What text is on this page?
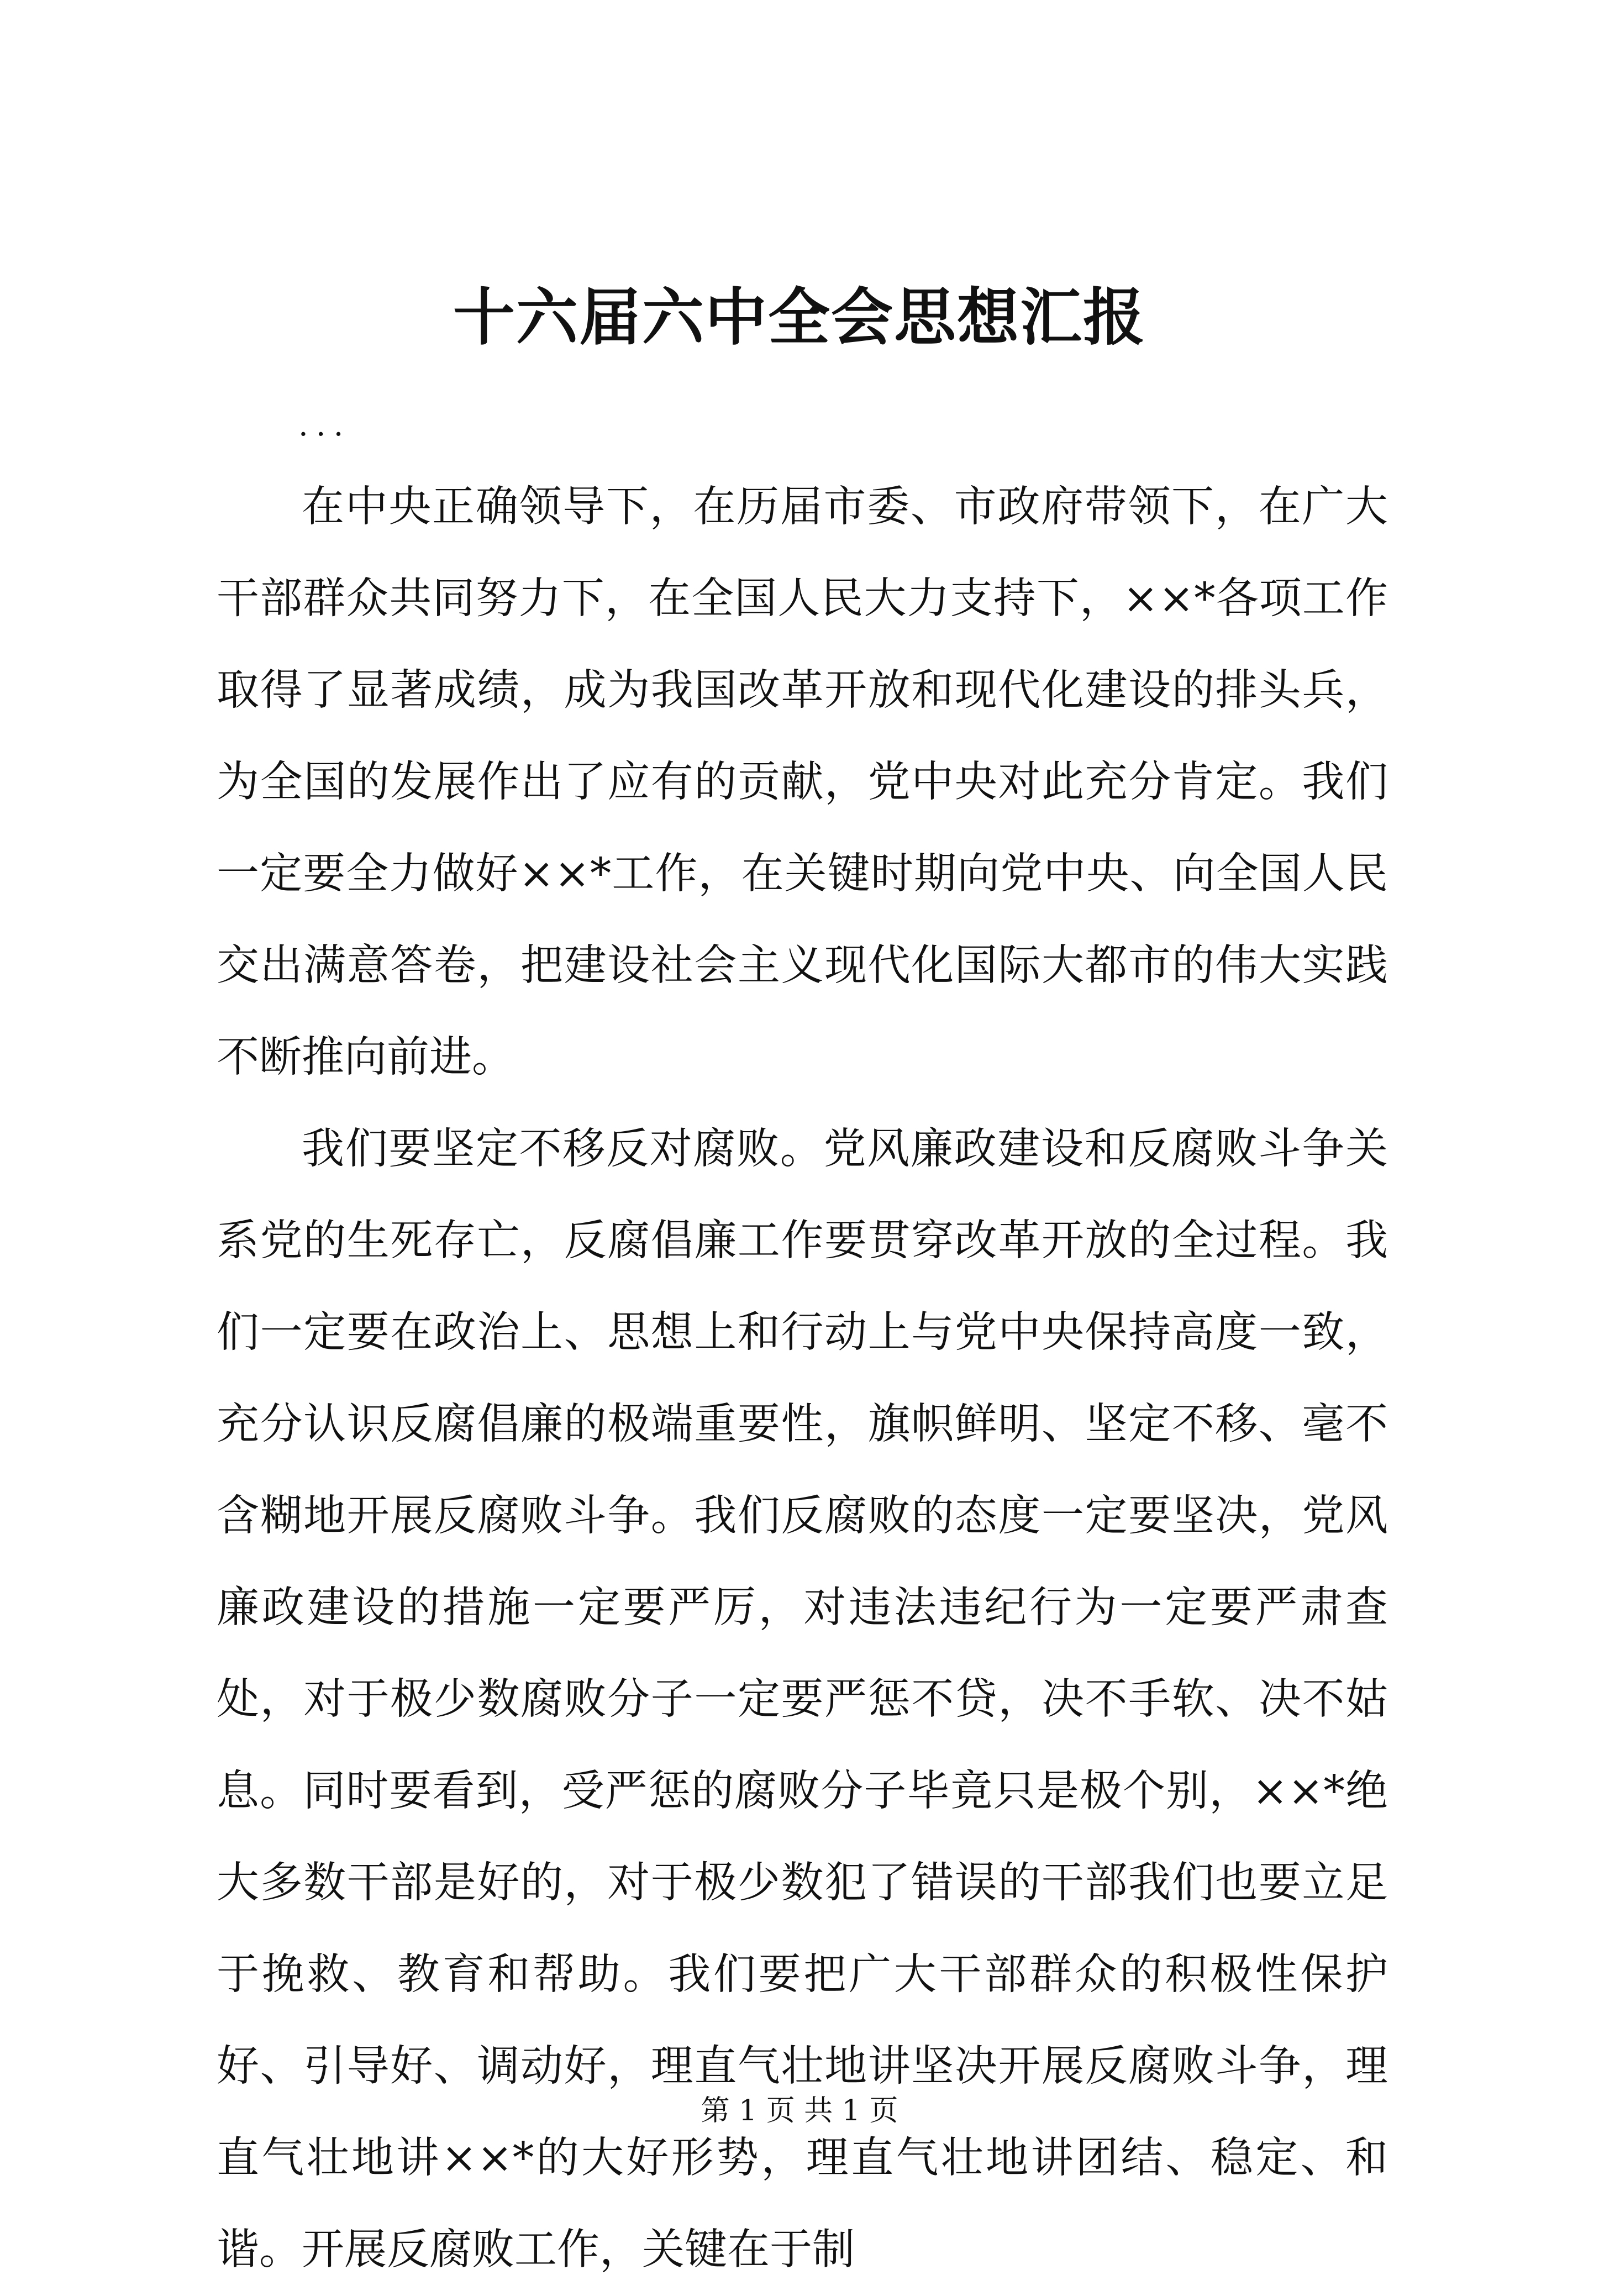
十六届六中全会思想汇报
...

在中央正确领导下，在历届市委、市政府带领下，在广大干部群众共同努力下，在全国人民大力支持下，××*各项工作取得了显著成绩，成为我国改革开放和现代化建设的排头兵，为全国的发展作出了应有的贡献，党中央对此充分肯定。我们一定要全力做好××*工作，在关键时期向党中央、向全国人民交出满意答卷，把建设社会主义现代化国际大都市的伟大实践不断推向前进。

我们要坚定不移反对腐败。党风廉政建设和反腐败斗争关系党的生死存亡，反腐倡廉工作要贯穿改革开放的全过程。我们一定要在政治上、思想上和行动上与党中央保持高度一致，充分认识反腐倡廉的极端重要性，旗帜鲜明、坚定不移、毫不含糊地开展反腐败斗争。我们反腐败的态度一定要坚决，党风廉政建设的措施一定要严厉，对违法违纪行为一定要严肃查处，对于极少数腐败分子一定要严惩不贷，决不手软、决不姑息。同时要看到，受严惩的腐败分子毕竟只是极个别，××*绝大多数干部是好的，对于极少数犯了错误的干部我们也要立足于挽救、教育和帮助。我们要把广大干部群众的积极性保护好、引导好、调动好，理直气壮地讲坚决开展反腐败斗争，理直气壮地讲××*的大好形势，理直气壮地讲团结、稳定、和谐。开展反腐败工作，关键在于制

第 1 页 共 1 页
